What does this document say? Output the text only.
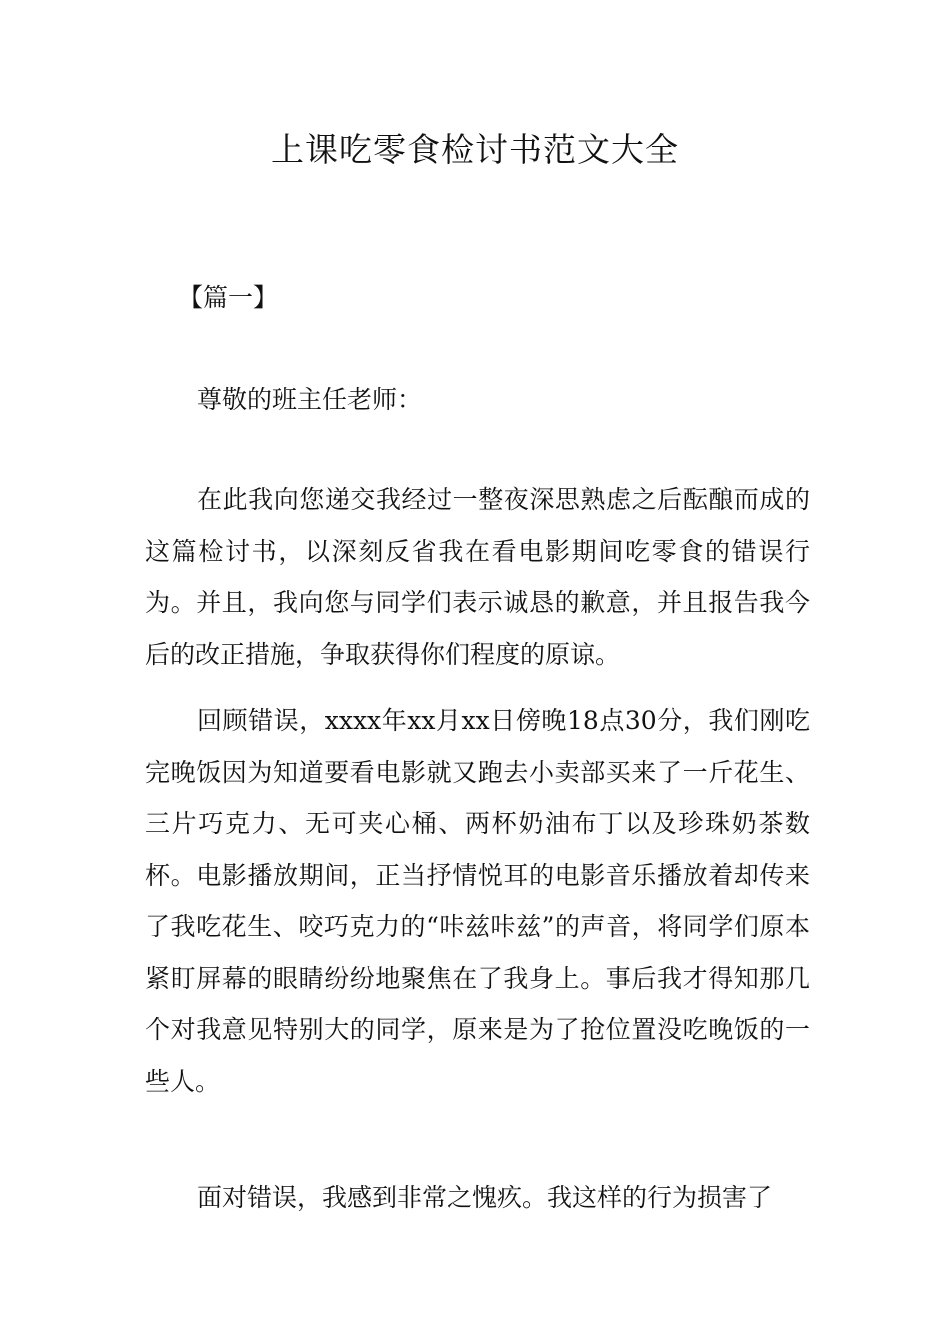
上课吃零食检讨书范文大全

【篇一】

尊敬的班主任老师：

在此我向您递交我经过一整夜深思熟虑之后酝酿而成的这篇检讨书，以深刻反省我在看电影期间吃零食的错误行为。并且，我向您与同学们表示诚恳的歉意，并且报告我今后的改正措施，争取获得你们程度的原谅。

回顾错误，xxxx年xx月xx日傍晚18点30分，我们刚吃完晚饭因为知道要看电影就又跑去小卖部买来了一斤花生、三片巧克力、无可夹心桶、两杯奶油布丁以及珍珠奶茶数杯。电影播放期间，正当抒情悦耳的电影音乐播放着却传来了我吃花生、咬巧克力的“咔兹咔兹”的声音，将同学们原本紧盯屏幕的眼睛纷纷地聚焦在了我身上。事后我才得知那几个对我意见特别大的同学，原来是为了抢位置没吃晚饭的一些人。

面对错误，我感到非常之愧疚。我这样的行为损害了
